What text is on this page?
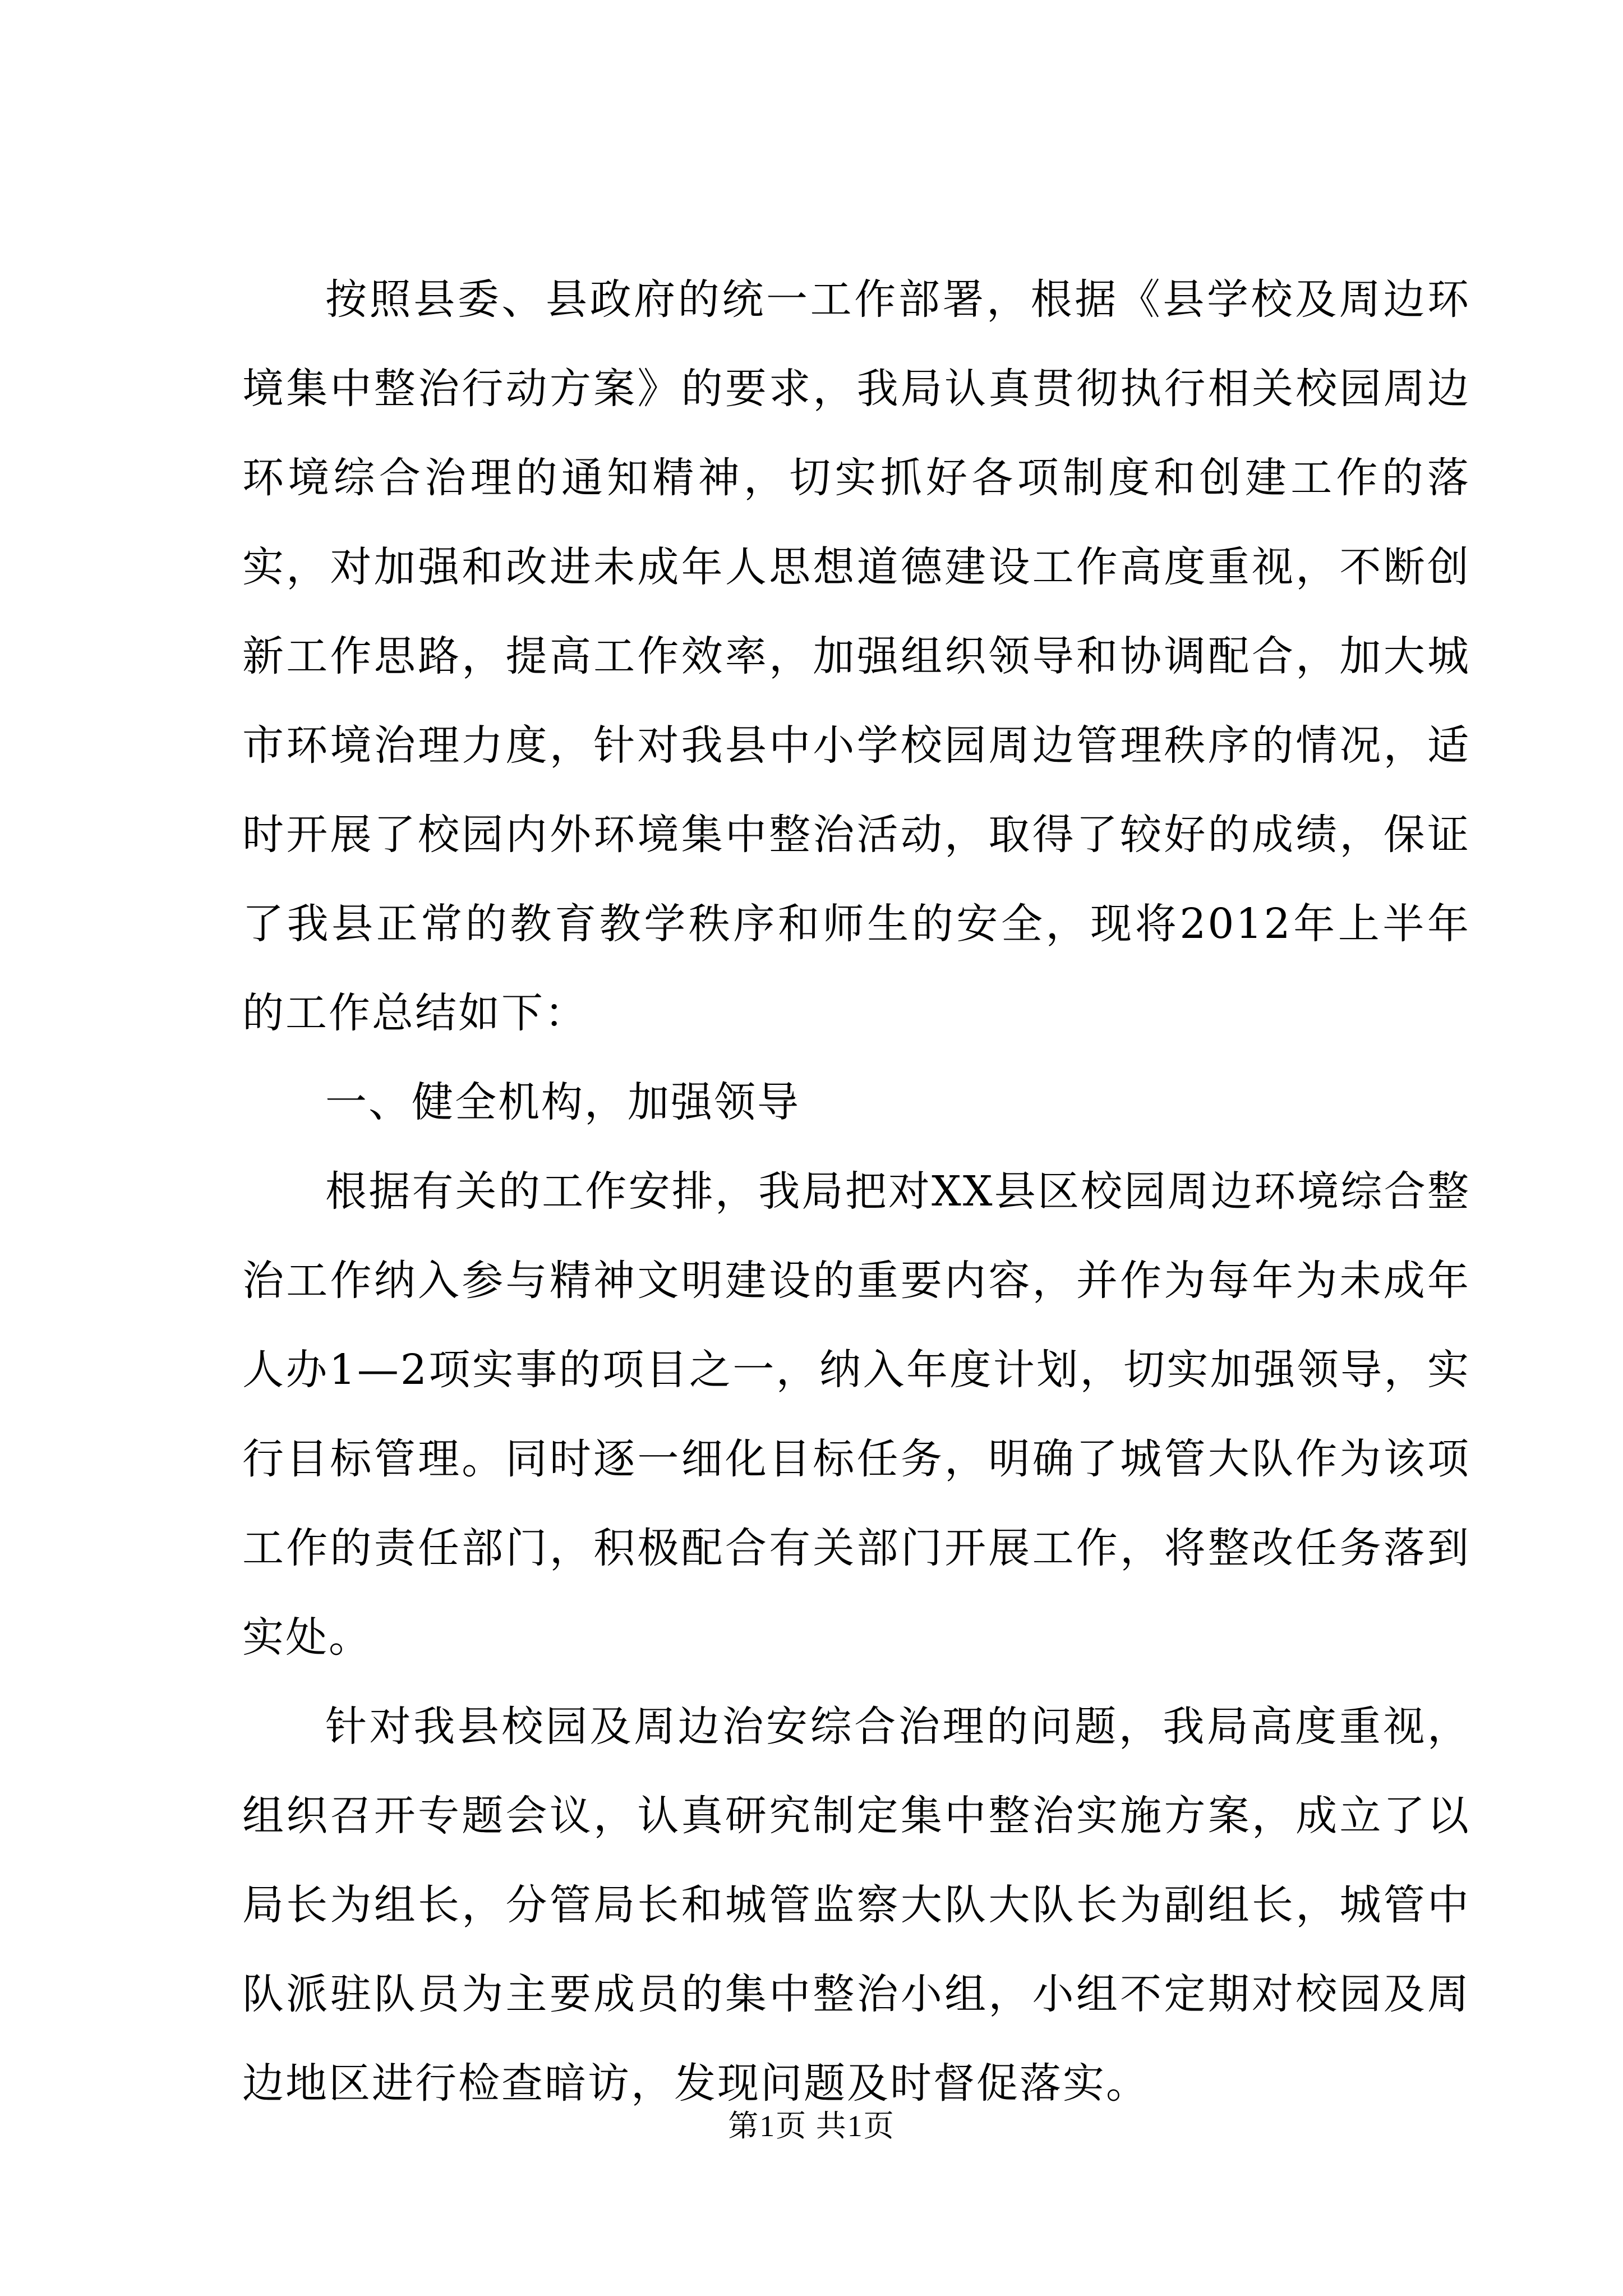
按照县委、县政府的统一工作部署，根据《县学校及周边环境集中整治行动方案》的要求，我局认真贯彻执行相关校园周边环境综合治理的通知精神，切实抓好各项制度和创建工作的落实，对加强和改进未成年人思想道德建设工作高度重视，不断创新工作思路，提高工作效率，加强组织领导和协调配合，加大城市环境治理力度，针对我县中小学校园周边管理秩序的情况，适时开展了校园内外环境集中整治活动，取得了较好的成绩，保证了我县正常的教育教学秩序和师生的安全，现将2012年上半年的工作总结如下：

一、健全机构，加强领导

根据有关的工作安排，我局把对XX县区校园周边环境综合整治工作纳入参与精神文明建设的重要内容，并作为每年为未成年人办1—2项实事的项目之一，纳入年度计划，切实加强领导，实行目标管理。同时逐一细化目标任务，明确了城管大队作为该项工作的责任部门，积极配合有关部门开展工作，将整改任务落到实处。

针对我县校园及周边治安综合治理的问题，我局高度重视，组织召开专题会议，认真研究制定集中整治实施方案，成立了以局长为组长，分管局长和城管监察大队大队长为副组长，城管中队派驻队员为主要成员的集中整治小组，小组不定期对校园及周边地区进行检查暗访，发现问题及时督促落实。

第1页 共1页
